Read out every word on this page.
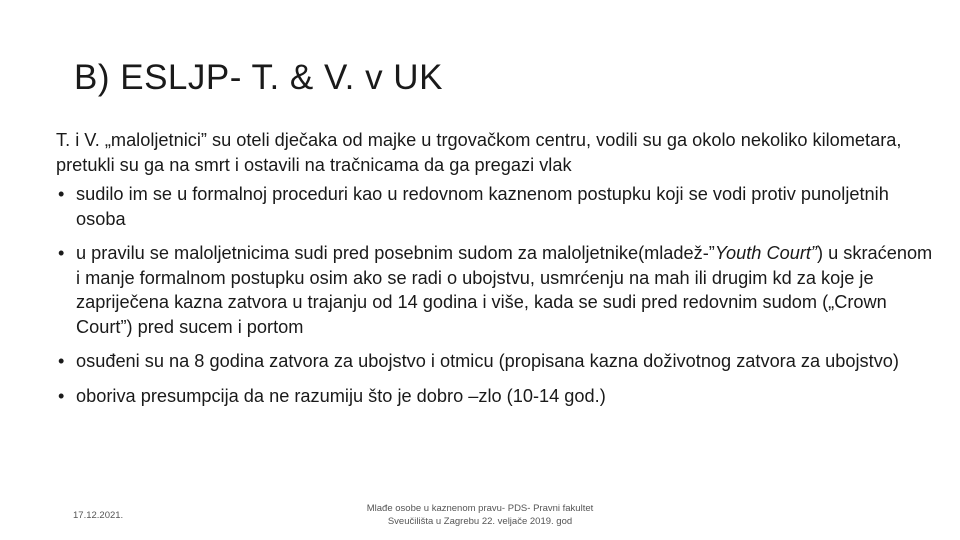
B) ESLJP- T. & V. v UK

T. i V. „maloljetnici” su oteli dječaka od majke u trgovačkom centru, vodili su ga okolo nekoliko kilometara, pretukli su ga na smrt i ostavili na tračnicama da ga pregazi vlak

• sudilo im se u formalnoj proceduri kao u redovnom kaznenom postupku koji se vodi protiv punoljetnih osoba
• u pravilu se maloljetnicima sudi pred posebnim sudom za maloljetnike(mladež-”Youth Court”) u skraćenom i manje formalnom postupku osim ako se radi o ubojstvu, usmrćenju na mah ili drugim kd za koje je zapriječena kazna zatvora u trajanju od 14 godina i više, kada se sudi pred redovnim sudom („Crown Court”) pred sucem i portom
• osuđeni su na 8 godina zatvora za ubojstvo i otmicu (propisana kazna doživotnog zatvora za ubojstvo)
• oboriva presumpcija da ne razumiju što je dobro –zlo (10-14 god.)
17.12.2021.
Mlađe osobe u kaznenom pravu- PDS- Pravni fakultet
Sveučilišta u Zagrebu 22. veljače 2019. god
